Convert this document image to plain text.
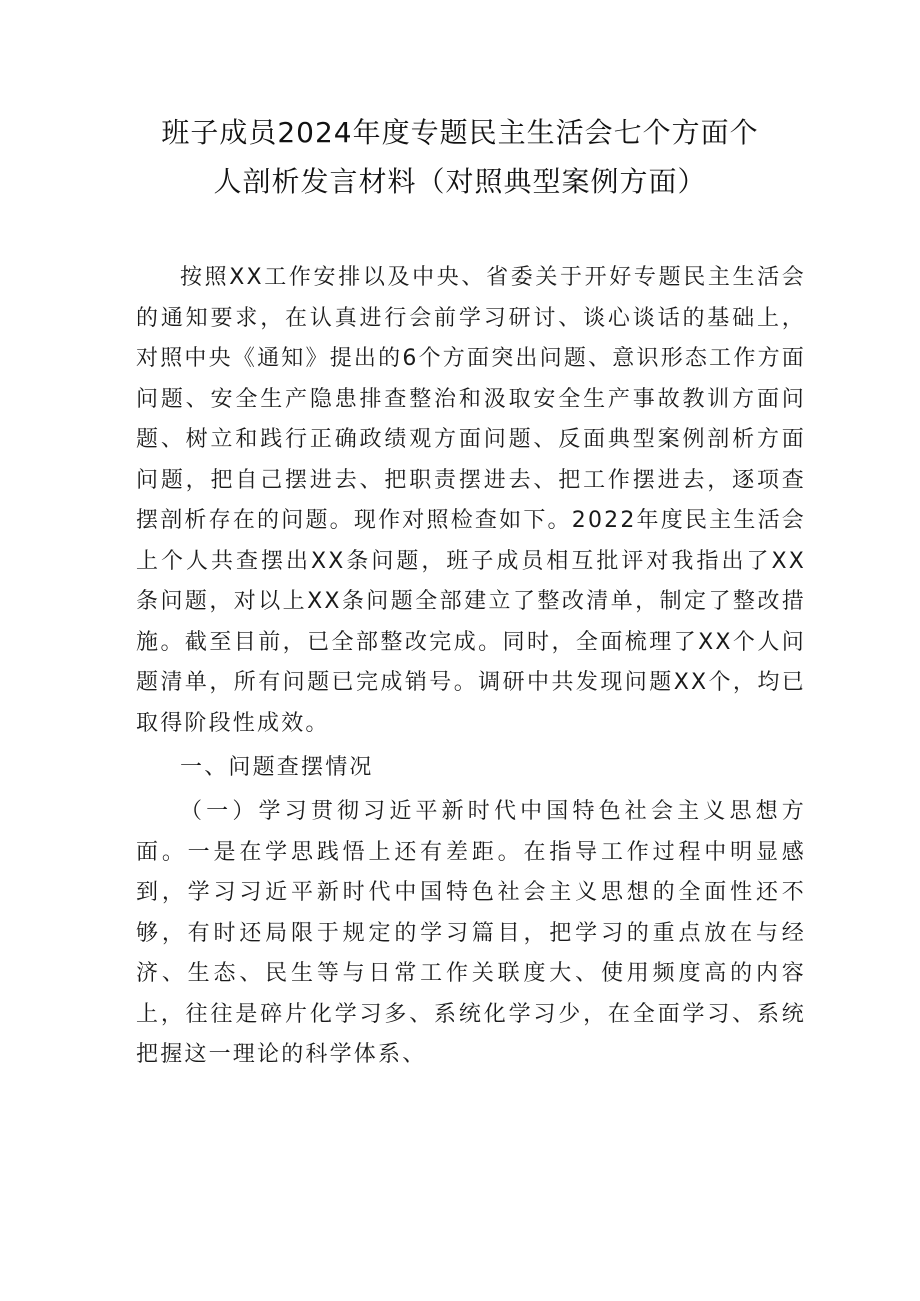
班子成员2024年度专题民主生活会七个方面个
人剖析发言材料（对照典型案例方面）

按照XX工作安排以及中央、省委关于开好专题民主生活会的通知要求，在认真进行会前学习研讨、谈心谈话的基础上，对照中央《通知》提出的6个方面突出问题、意识形态工作方面问题、安全生产隐患排查整治和汲取安全生产事故教训方面问题、树立和践行正确政绩观方面问题、反面典型案例剖析方面问题，把自己摆进去、把职责摆进去、把工作摆进去，逐项查摆剖析存在的问题。现作对照检查如下。2022年度民主生活会上个人共查摆出XX条问题，班子成员相互批评对我指出了XX条问题，对以上XX条问题全部建立了整改清单，制定了整改措施。截至目前，已全部整改完成。同时，全面梳理了XX个人问题清单，所有问题已完成销号。调研中共发现问题XX个，均已取得阶段性成效。

一、问题查摆情况

（一）学习贯彻习近平新时代中国特色社会主义思想方面。一是在学思践悟上还有差距。在指导工作过程中明显感到，学习习近平新时代中国特色社会主义思想的全面性还不够，有时还局限于规定的学习篇目，把学习的重点放在与经济、生态、民生等与日常工作关联度大、使用频度高的内容上，往往是碎片化学习多、系统化学习少，在全面学习、系统把握这一理论的科学体系、
